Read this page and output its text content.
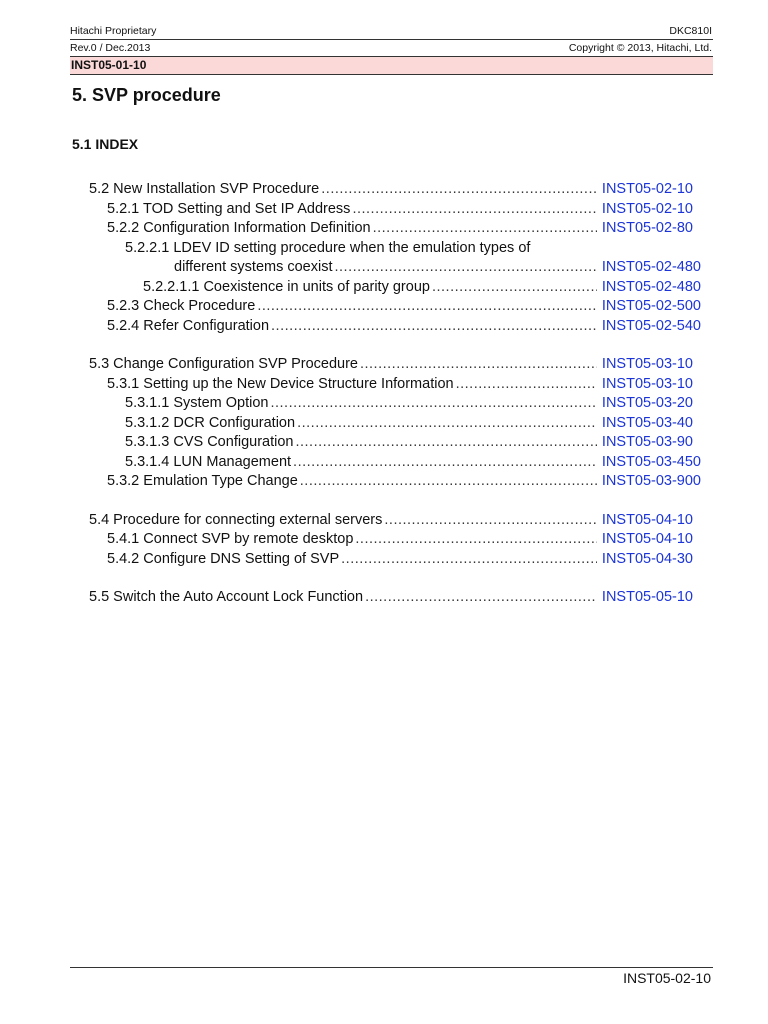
Hitachi Proprietary	DKC810I
Rev.0 / Dec.2013	Copyright © 2013, Hitachi, Ltd.
INST05-01-10
5. SVP procedure
5.1 INDEX
5.2 New Installation SVP Procedure .....	INST05-02-10
5.2.1 TOD Setting and Set IP Address .....	INST05-02-10
5.2.2 Configuration Information Definition .....	INST05-02-80
5.2.2.1 LDEV ID setting procedure when the emulation types of
different systems coexist .....	INST05-02-480
5.2.2.1.1 Coexistence in units of parity group .....	INST05-02-480
5.2.3 Check Procedure .....	INST05-02-500
5.2.4 Refer Configuration .....	INST05-02-540
5.3 Change Configuration SVP Procedure .....	INST05-03-10
5.3.1 Setting up the New Device Structure Information .....	INST05-03-10
5.3.1.1 System Option .....	INST05-03-20
5.3.1.2 DCR Configuration .....	INST05-03-40
5.3.1.3 CVS Configuration .....	INST05-03-90
5.3.1.4 LUN Management .....	INST05-03-450
5.3.2 Emulation Type Change .....	INST05-03-900
5.4 Procedure for connecting external servers .....	INST05-04-10
5.4.1 Connect SVP by remote desktop .....	INST05-04-10
5.4.2 Configure DNS Setting of SVP .....	INST05-04-30
5.5 Switch the Auto Account Lock Function .....	INST05-05-10
INST05-02-10
